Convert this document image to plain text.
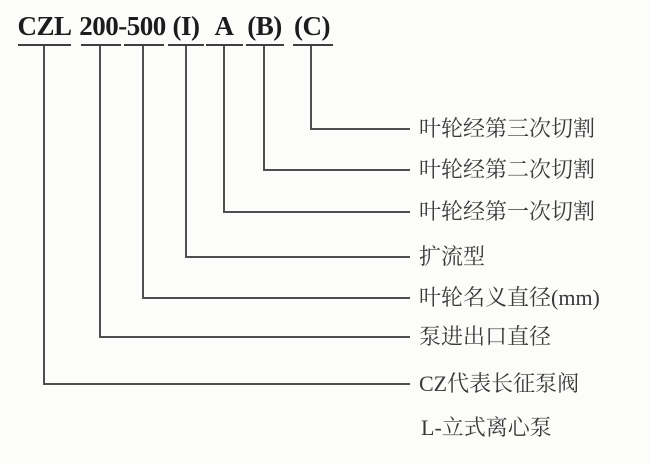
CZL 200-500 (I) A (B) (C)
叶轮经第三次切割
叶轮经第二次切割
叶轮经第一次切割
扩流型
叶轮名义直径(mm)
泵进出口直径
CZ代表长征泵阀
L-立式离心泵
